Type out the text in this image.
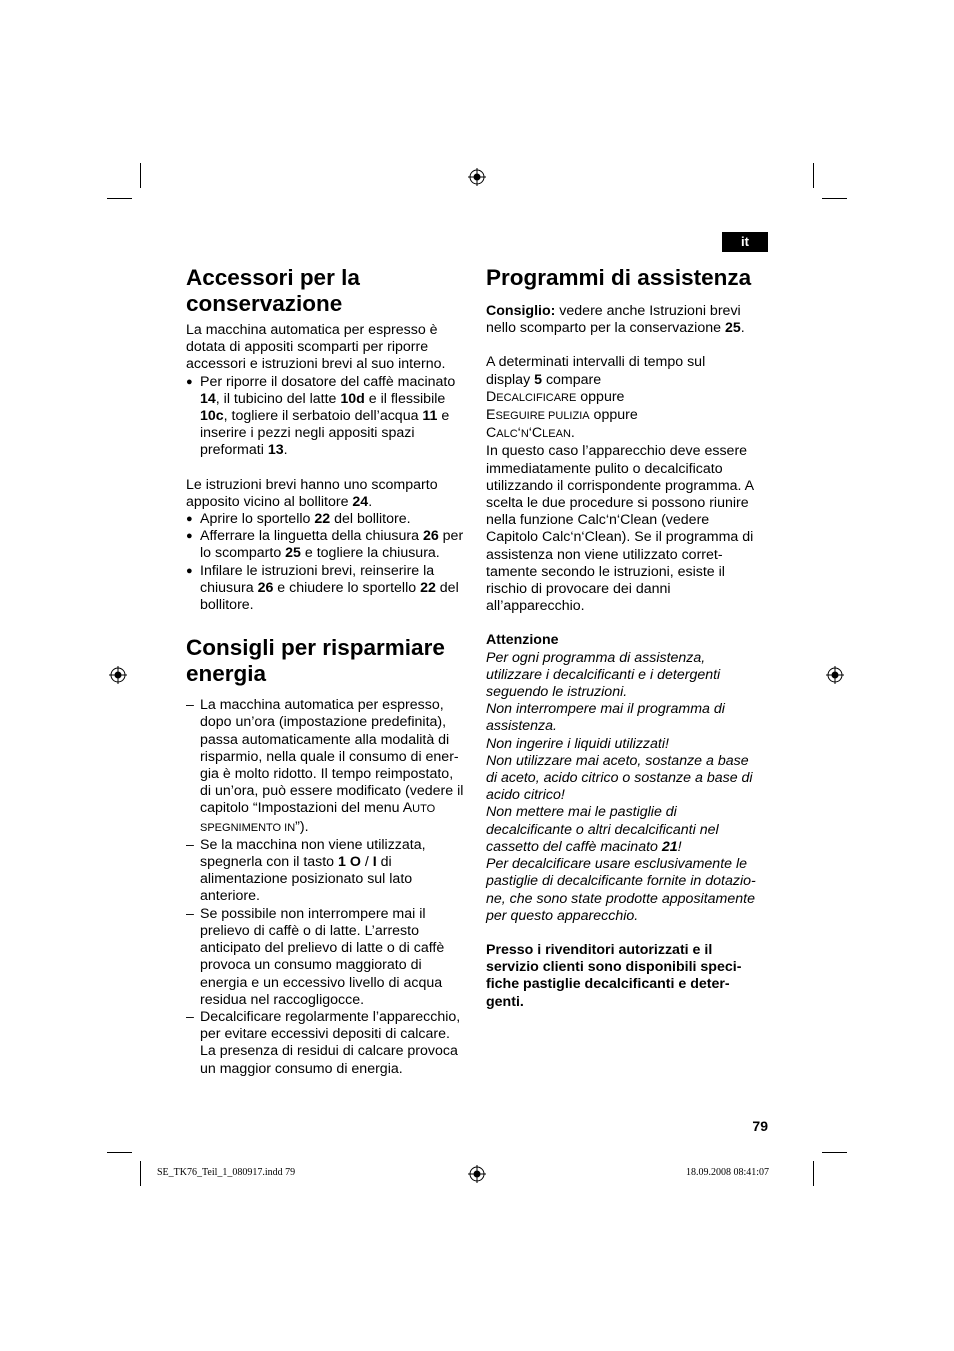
it
Accessori per la
conservazione

La macchina automatica per espresso è
dotata di appositi scomparti per riporre
accessori e istruzioni brevi al suo interno.

● Per riporre il dosatore del caffè macinato
14, il tubicino del latte 10d e il flessibile
10c, togliere il serbatoio dell’acqua 11 e
inserire i pezzi negli appositi spazi
preformati 13.

Le istruzioni brevi hanno uno scomparto
apposito vicino al bollitore 24.

● Aprire lo sportello 22 del bollitore.

● Afferrare la linguetta della chiusura 26 per
lo scomparto 25 e togliere la chiusura.

● Infilare le istruzioni brevi, reinserire la
chiusura 26 e chiudere lo sportello 22 del
bollitore.

Consigli per risparmiare
energia

– La macchina automatica per espresso,
dopo un’ora (impostazione predefinita),
passa automaticamente alla modalità di
risparmio, nella quale il consumo di ener-
gia è molto ridotto. Il tempo reimpostato,
di un’ora, può essere modificato (vedere il
capitolo “Impostazioni del menu AUTO
SPEGNIMENTO IN”).

– Se la macchina non viene utilizzata,
spegnerla con il tasto 1 O / I di
alimentazione posizionato sul lato
anteriore.

– Se possibile non interrompere mai il
prelievo di caffè o di latte. L’arresto
anticipato del prelievo di latte o di caffè
provoca un consumo maggiorato di
energia e un eccessivo livello di acqua
residua nel raccogligocce.

– Decalcificare regolarmente l’apparecchio,
per evitare eccessivi depositi di calcare.
La presenza di residui di calcare provoca
un maggior consumo di energia.

Programmi di assistenza

Consiglio: vedere anche Istruzioni brevi
nello scomparto per la conservazione 25.

A determinati intervalli di tempo sul
display 5 compare
DECALCIFICARE oppure
ESEGUIRE PULIZIA oppure
CALC‘N‘CLEAN.

In questo caso l’apparecchio deve essere
immediatamente pulito o decalcificato
utilizzando il corrispondente programma. A
scelta le due procedure si possono riunire
nella funzione Calc‘n‘Clean (vedere
Capitolo Calc‘n‘Clean). Se il programma di
assistenza non viene utilizzato corret-
tamente secondo le istruzioni, esiste il
rischio di provocare dei danni
all’apparecchio.

Attenzione

Per ogni programma di assistenza,
utilizzare i decalcificanti e i detergenti
seguendo le istruzioni.
Non interrompere mai il programma di
assistenza.
Non ingerire i liquidi utilizzati!
Non utilizzare mai aceto, sostanze a base
di aceto, acido citrico o sostanze a base di
acido citrico!
Non mettere mai le pastiglie di
decalcificante o altri decalcificanti nel
cassetto del caffè macinato 21!
Per decalcificare usare esclusivamente le
pastiglie di decalcificante fornite in dotazio-
ne, che sono state prodotte appositamente
per questo apparecchio.

Presso i rivenditori autorizzati e il
servizio clienti sono disponibili speci-
fiche pastiglie decalcificanti e deter-
genti.

79
SE_TK76_Teil_1_080917.indd 79	18.09.2008 08:41:07
